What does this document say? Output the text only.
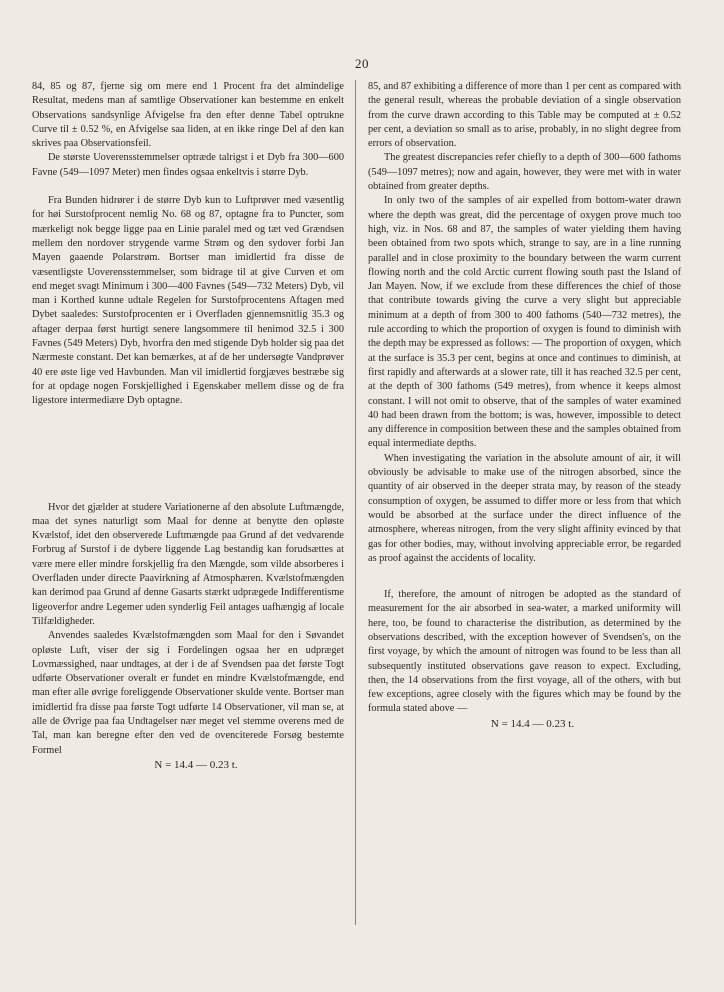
20

84, 85 og 87, fjerne sig om mere end 1 Procent fra det almindelige Resultat, medens man af samtlige Observationer kan bestemme en enkelt Observations sandsynlige Afvigelse fra den efter denne Tabel optrukne Curve til ± 0.52 %, en Afvigelse saa liden, at en ikke ringe Del af den kan skrives paa Observationsfeil.

De største Uoverensstemmelser optræde talrigst i et Dyb fra 300—600 Favne (549—1097 Meter) men findes ogsaa enkeltvis i større Dyb.

Fra Bunden hidrører i de større Dyb kun to Luftprøver med væsentlig for høi Surstofprocent nemlig No. 68 og 87, optagne fra to Puncter, som mærkeligt nok begge ligge paa en Linie paralel med og tæt ved Grændsen mellem den nordover strygende varme Strøm og den sydover forbi Jan Mayen gaaende Polarstrøm. Bortser man imidlertid fra disse de væsentligste Uoverensstemmelser, som bidrage til at give Curven et om end meget svagt Minimum i 300—400 Favnes (549—732 Meters) Dyb, vil man i Korthed kunne udtale Regelen for Surstofprocentens Aftagen med Dybet saaledes: Surstofprocenten er i Overfladen gjennemsnitlig 35.3 og aftager derpaa først hurtigt senere langsommere til henimod 32.5 i 300 Favnes (549 Meters) Dyb, hvorfra den med stigende Dyb holder sig paa det Nærmeste constant. Det kan bemærkes, at af de her undersøgte Vandprøver 40 ere øste lige ved Havbunden. Man vil imidlertid forgjæves bestræbe sig for at opdage nogen Forskjellighed i Egenskaber mellem disse og de fra ligestore intermediære Dyb optagne.

Hvor det gjælder at studere Variationerne af den absolute Luftmængde, maa det synes naturligt som Maal for denne at benytte den opløste Kvælstof, idet den observerede Luftmængde paa Grund af det vedvarende Forbrug af Surstof i de dybere liggende Lag bestandig kan forudsættes at være mere eller mindre forskjellig fra den Mængde, som vilde absorberes i Overfladen under directe Paavirkning af Atmosphæren. Kvælstofmængden kan derimod paa Grund af denne Gasarts stærkt udprægede Indifferentisme ligeoverfor andre Legemer uden synderlig Feil antages uafhængig af locale Tilfældigheder.

Anvendes saaledes Kvælstofmængden som Maal for den i Søvandet opløste Luft, viser der sig i Fordelingen ogsaa her en udpræget Lovmæssighed, naar undtages, at der i de af Svendsen paa det første Togt udførte Observationer overalt er fundet en mindre Kvælstofmængde, end man efter alle øvrige foreliggende Observationer skulde vente. Bortser man imidlertid fra disse paa første Togt udførte 14 Observationer, vil man se, at alle de Øvrige paa faa Undtagelser nær meget vel stemme overens med de Tal, man kan beregne efter den ved de ovenciterede Forsøg bestemte Formel

N = 14.4 — 0.23 t.

85, and 87 exhibiting a difference of more than 1 per cent as compared with the general result, whereas the probable deviation of a single observation from the curve drawn according to this Table may be computed at ± 0.52 per cent, a deviation so small as to arise, probably, in no slight degree from errors of observation.

The greatest discrepancies refer chiefly to a depth of 300—600 fathoms (549—1097 metres); now and again, however, they were met with in water obtained from greater depths.

In only two of the samples of air expelled from bottom-water drawn where the depth was great, did the percentage of oxygen prove much too high, viz. in Nos. 68 and 87, the samples of water yielding them having been obtained from two spots which, strange to say, are in a line running parallel and in close proximity to the boundary between the warm current flowing north and the cold Arctic current flowing south past the Island of Jan Mayen. Now, if we exclude from these differences the chief of those that contribute towards giving the curve a very slight but appreciable minimum at a depth of from 300 to 400 fathoms (540—732 metres), the rule according to which the proportion of oxygen is found to diminish with the depth may be expressed as follows: — The proportion of oxygen, which at the surface is 35.3 per cent, begins at once and continues to diminish, at first rapidly and afterwards at a slower rate, till it has reached 32.5 per cent, at the depth of 300 fathoms (549 metres), from whence it keeps almost constant. I will not omit to observe, that of the samples of water examined 40 had been drawn from the bottom; is was, however, impossible to detect any difference in composition between these and the samples obtained from equal intermediate depths.

When investigating the variation in the absolute amount of air, it will obviously be advisable to make use of the nitrogen absorbed, since the quantity of air observed in the deeper strata may, by reason of the steady consumption of oxygen, be assumed to differ more or less from that which would be absorbed at the surface under the direct influence of the atmosphere, whereas nitrogen, from the very slight affinity evinced by that gas for other bodies, may, without involving appreciable error, be regarded as proof against the accidents of locality.

If, therefore, the amount of nitrogen be adopted as the standard of measurement for the air absorbed in sea-water, a marked uniformity will here, too, be found to characterise the distribution, as determined by the observations described, with the exception however of Svendsen's, on the first voyage, by which the amount of nitrogen was found to be less than all subsequently instituted observations gave reason to expect. Excluding, then, the 14 observations from the first voyage, all of the others, with but few exceptions, agree closely with the figures which may be found by the formula stated above —

N = 14.4 — 0.23 t.
